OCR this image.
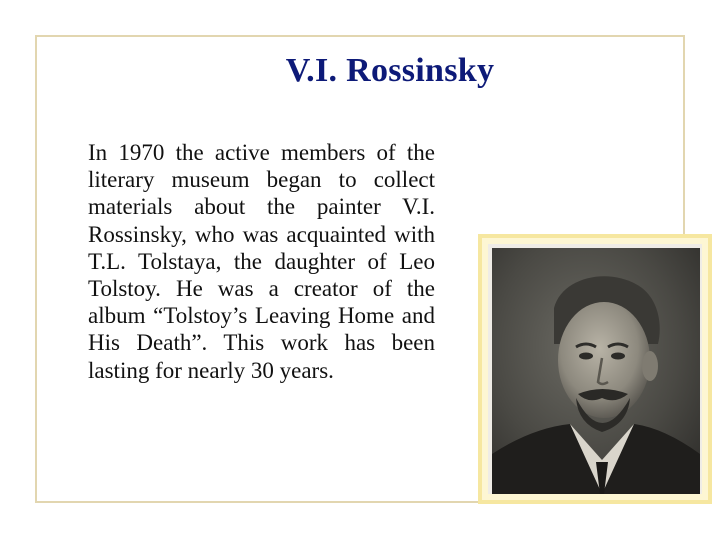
V.I. Rossinsky

In 1970 the active members of the literary museum began to collect materials about the painter V.I. Rossinsky, who was acquainted with T.L. Tolstaya, the daughter of Leo Tolstoy. He was a creator of the album “Tolstoy’s Leaving Home and His Death”. This work has been lasting for nearly 30 years.
